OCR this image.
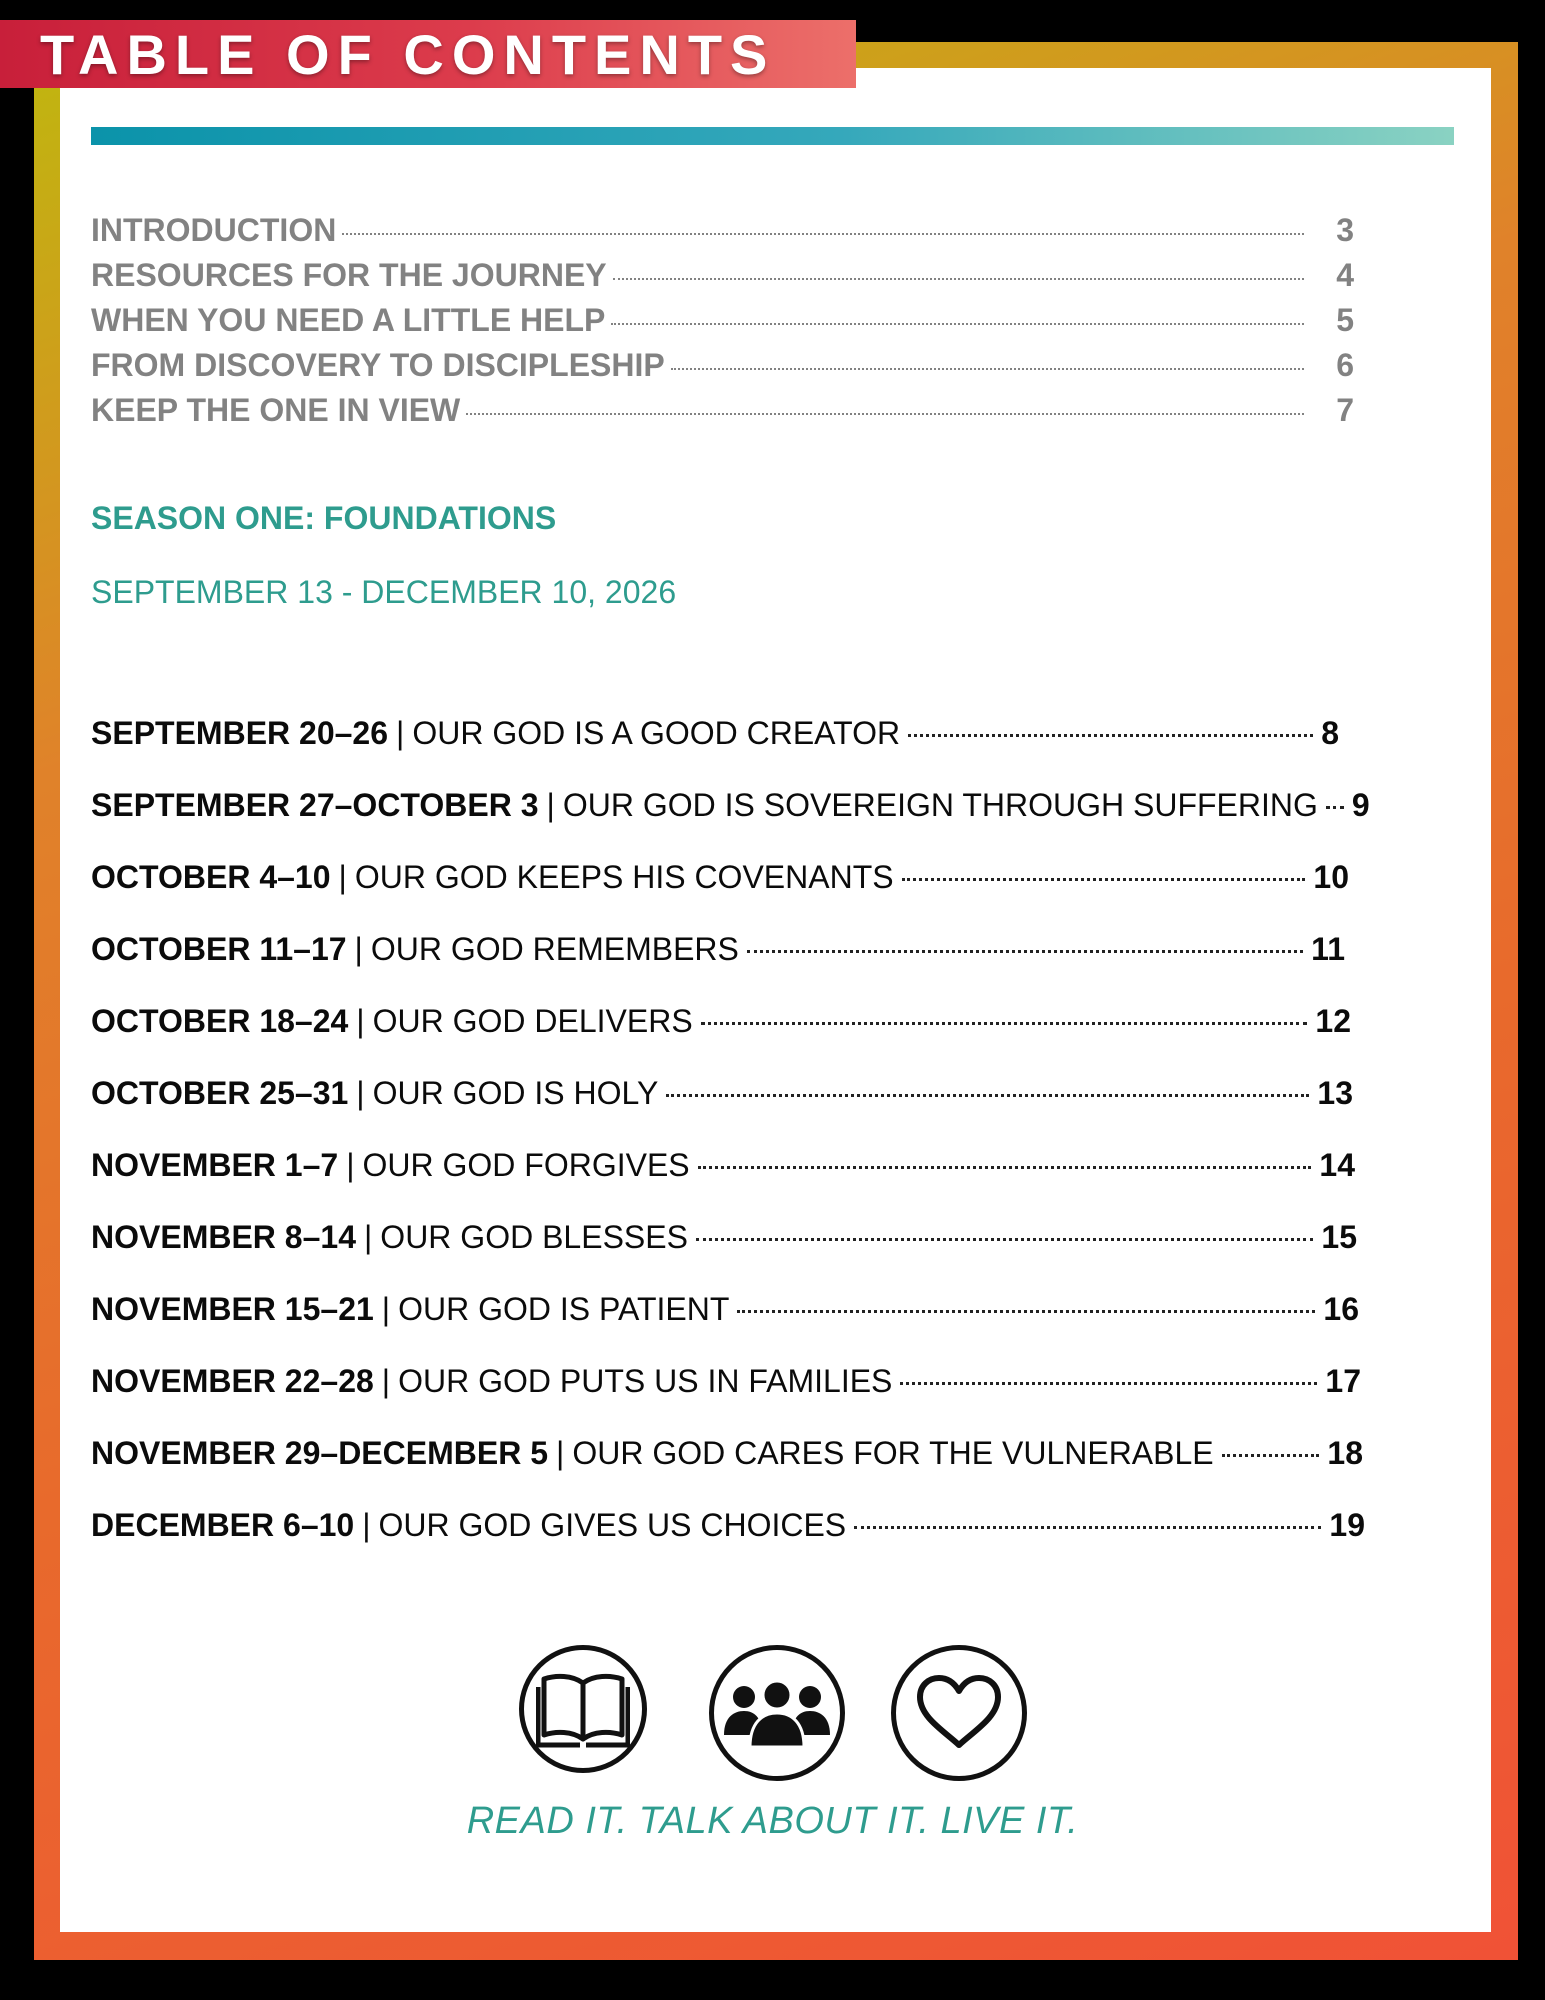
TABLE OF CONTENTS
INTRODUCTION	3
RESOURCES FOR THE JOURNEY	4
WHEN YOU NEED A LITTLE HELP	5
FROM DISCOVERY TO DISCIPLESHIP	6
KEEP THE ONE IN VIEW	7
SEASON ONE: FOUNDATIONS
SEPTEMBER 13 - DECEMBER 10, 2026
SEPTEMBER 20–26 | OUR GOD IS A GOOD CREATOR	8
SEPTEMBER 27–OCTOBER 3 | OUR GOD IS SOVEREIGN THROUGH SUFFERING 9
OCTOBER 4–10 | OUR GOD KEEPS HIS COVENANTS	10
OCTOBER 11–17 | OUR GOD REMEMBERS	11
OCTOBER 18–24 | OUR GOD DELIVERS	12
OCTOBER 25–31 | OUR GOD IS HOLY	13
NOVEMBER 1–7 | OUR GOD FORGIVES	14
NOVEMBER 8–14 | OUR GOD BLESSES	15
NOVEMBER 15–21 | OUR GOD IS PATIENT	16
NOVEMBER 22–28 | OUR GOD PUTS US IN FAMILIES	17
NOVEMBER 29–DECEMBER 5 | OUR GOD CARES FOR THE VULNERABLE	18
DECEMBER 6–10 | OUR GOD GIVES US CHOICES	19
READ IT. TALK ABOUT IT. LIVE IT.
